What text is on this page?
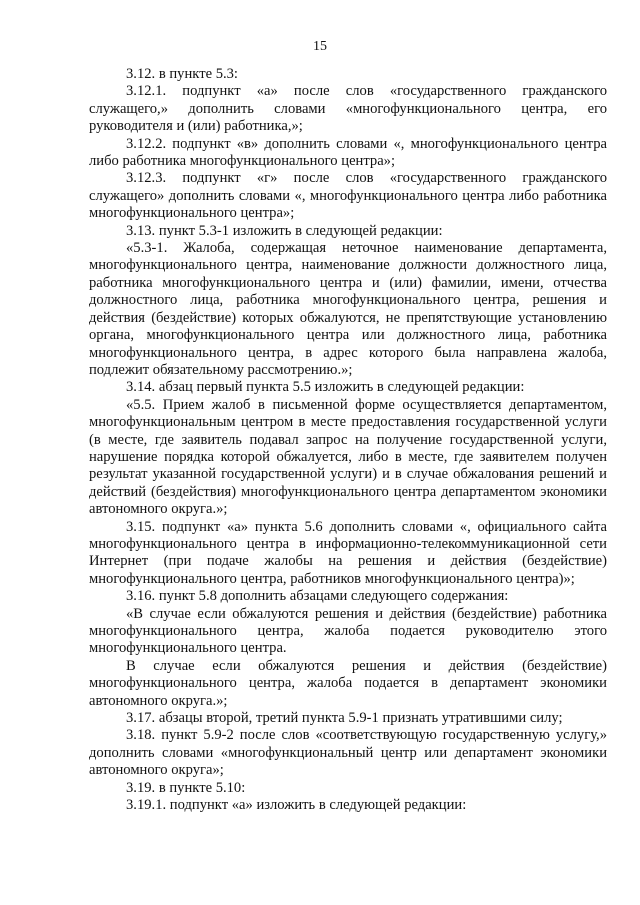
15

3.12. в пункте 5.3:

3.12.1. подпункт «а» после слов «государственного гражданского служащего,» дополнить словами «многофункционального центра, его руководителя и (или) работника,»;

3.12.2. подпункт «в» дополнить словами «, многофункционального центра либо работника многофункционального центра»;

3.12.3. подпункт «г» после слов «государственного гражданского служащего» дополнить словами «, многофункционального центра либо работника многофункционального центра»;

3.13. пункт 5.3-1 изложить в следующей редакции:

«5.3-1. Жалоба, содержащая неточное наименование департамента, многофункционального центра, наименование должности должностного лица, работника многофункционального центра и (или) фамилии, имени, отчества должностного лица, работника многофункционального центра, решения и действия (бездействие) которых обжалуются, не препятствующие установлению органа, многофункционального центра или должностного лица, работника многофункционального центра, в адрес которого была направлена жалоба, подлежит обязательному рассмотрению.»;

3.14. абзац первый пункта 5.5 изложить в следующей редакции:

«5.5. Прием жалоб в письменной форме осуществляется департаментом, многофункциональным центром в месте предоставления государственной услуги (в месте, где заявитель подавал запрос на получение государственной услуги, нарушение порядка которой обжалуется, либо в месте, где заявителем получен результат указанной государственной услуги) и в случае обжалования решений и действий (бездействия) многофункционального центра департаментом экономики автономного округа.»;

3.15. подпункт «а» пункта 5.6 дополнить словами «, официального сайта многофункционального центра в информационно-телекоммуникационной сети Интернет (при подаче жалобы на решения и действия (бездействие) многофункционального центра, работников многофункционального центра)»;

3.16. пункт 5.8 дополнить абзацами следующего содержания:

«В случае если обжалуются решения и действия (бездействие) работника многофункционального центра, жалоба подается руководителю этого многофункционального центра.

В случае если обжалуются решения и действия (бездействие) многофункционального центра, жалоба подается в департамент экономики автономного округа.»;

3.17. абзацы второй, третий пункта 5.9-1 признать утратившими силу;

3.18. пункт 5.9-2 после слов «соответствующую государственную услугу,» дополнить словами «многофункциональный центр или департамент экономики автономного округа»;

3.19. в пункте 5.10:

3.19.1. подпункт «а» изложить в следующей редакции:
